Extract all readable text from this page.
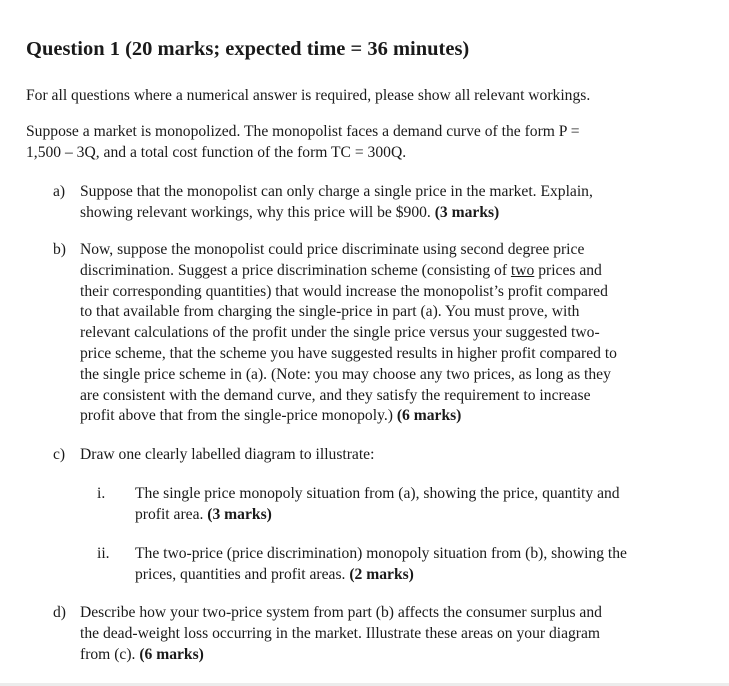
Question 1 (20 marks; expected time = 36 minutes)
For all questions where a numerical answer is required, please show all relevant workings.
Suppose a market is monopolized. The monopolist faces a demand curve of the form P =
1,500 – 3Q, and a total cost function of the form TC = 300Q.
a) Suppose that the monopolist can only charge a single price in the market. Explain,
showing relevant workings, why this price will be $900. (3 marks)
b) Now, suppose the monopolist could price discriminate using second degree price
discrimination. Suggest a price discrimination scheme (consisting of two prices and
their corresponding quantities) that would increase the monopolist’s profit compared
to that available from charging the single-price in part (a). You must prove, with
relevant calculations of the profit under the single price versus your suggested two-
price scheme, that the scheme you have suggested results in higher profit compared to
the single price scheme in (a). (Note: you may choose any two prices, as long as they
are consistent with the demand curve, and they satisfy the requirement to increase
profit above that from the single-price monopoly.) (6 marks)
c) Draw one clearly labelled diagram to illustrate:
i. The single price monopoly situation from (a), showing the price, quantity and
profit area. (3 marks)
ii. The two-price (price discrimination) monopoly situation from (b), showing the
prices, quantities and profit areas. (2 marks)
d) Describe how your two-price system from part (b) affects the consumer surplus and
the dead-weight loss occurring in the market. Illustrate these areas on your diagram
from (c). (6 marks)
